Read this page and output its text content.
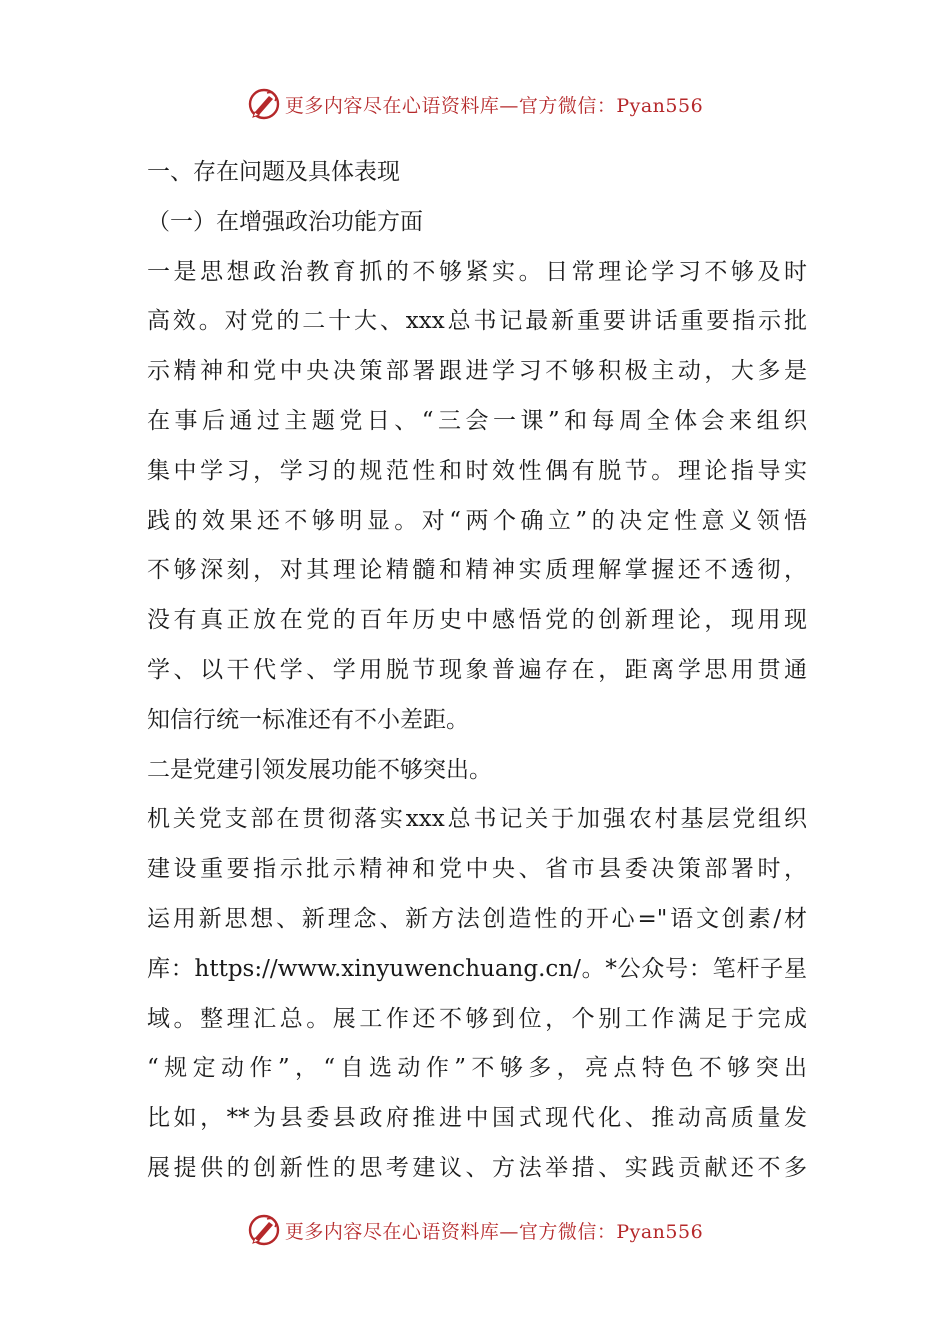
更多内容尽在心语资料库—官方微信：Pyan556
一、存在问题及具体表现
（一）在增强政治功能方面
一是思想政治教育抓的不够紧实。日常理论学习不够及时
高效。对党的二十大、xxx总书记最新重要讲话重要指示批
示精神和党中央决策部署跟进学习不够积极主动，大多是
在事后通过主题党日、“三会一课”和每周全体会来组织
集中学习，学习的规范性和时效性偶有脱节。理论指导实
践的效果还不够明显。对“两个确立”的决定性意义领悟
不够深刻，对其理论精髓和精神实质理解掌握还不透彻，
没有真正放在党的百年历史中感悟党的创新理论，现用现
学、以干代学、学用脱节现象普遍存在，距离学思用贯通
知信行统一标准还有不小差距。
二是党建引领发展功能不够突出。
机关党支部在贯彻落实xxx总书记关于加强农村基层党组织
建设重要指示批示精神和党中央、省市县委决策部署时，
运用新思想、新理念、新方法创造性的开心="语文创素/材
库：https://www.xinyuwenchuang.cn/。*公众号：笔杆子星
域。整理汇总。展工作还不够到位，个别工作满足于完成
“规定动作”，“自选动作”不够多，亮点特色不够突出
比如，**为县委县政府推进中国式现代化、推动高质量发
展提供的创新性的思考建议、方法举措、实践贡献还不多
更多内容尽在心语资料库—官方微信：Pyan556
